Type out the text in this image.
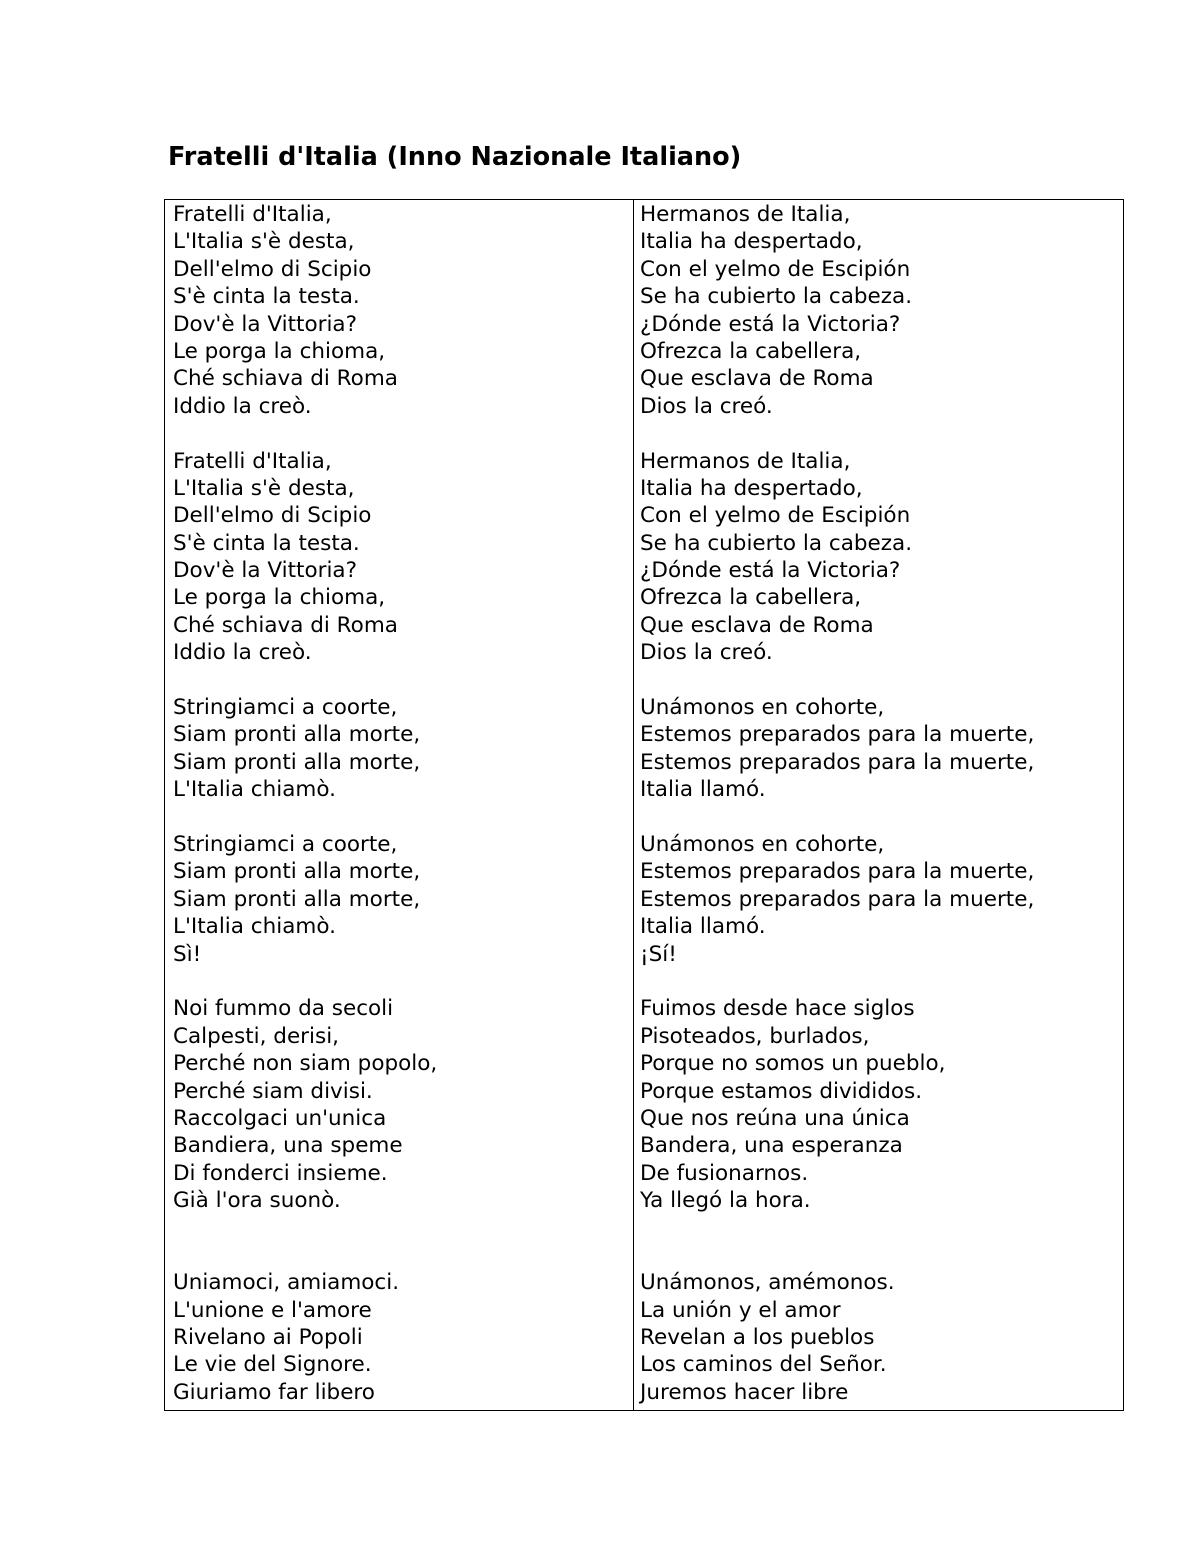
Fratelli d'Italia (Inno Nazionale Italiano)
Fratelli d'Italia,
L'Italia s'è desta,
Dell'elmo di Scipio
S'è cinta la testa.
Dov'è la Vittoria?
Le porga la chioma,
Ché schiava di Roma
Iddio la creò.
Fratelli d'Italia,
L'Italia s'è desta,
Dell'elmo di Scipio
S'è cinta la testa.
Dov'è la Vittoria?
Le porga la chioma,
Ché schiava di Roma
Iddio la creò.
Stringiamci a coorte,
Siam pronti alla morte,
Siam pronti alla morte,
L'Italia chiamò.
Stringiamci a coorte,
Siam pronti alla morte,
Siam pronti alla morte,
L'Italia chiamò.
Sì!
Noi fummo da secoli
Calpesti, derisi,
Perché non siam popolo,
Perché siam divisi.
Raccolgaci un'unica
Bandiera, una speme
Di fonderci insieme.
Già l'ora suonò.
Uniamoci, amiamoci.
L'unione e l'amore
Rivelano ai Popoli
Le vie del Signore.
Giuriamo far libero
Hermanos de Italia,
Italia ha despertado,
Con el yelmo de Escipión
Se ha cubierto la cabeza.
¿Dónde está la Victoria?
Ofrezca la cabellera,
Que esclava de Roma
Dios la creó.
Hermanos de Italia,
Italia ha despertado,
Con el yelmo de Escipión
Se ha cubierto la cabeza.
¿Dónde está la Victoria?
Ofrezca la cabellera,
Que esclava de Roma
Dios la creó.
Unámonos en cohorte,
Estemos preparados para la muerte,
Estemos preparados para la muerte,
Italia llamó.
Unámonos en cohorte,
Estemos preparados para la muerte,
Estemos preparados para la muerte,
Italia llamó.
¡Sí!
Fuimos desde hace siglos
Pisoteados, burlados,
Porque no somos un pueblo,
Porque estamos divididos.
Que nos reúna una única
Bandera, una esperanza
De fusionarnos.
Ya llegó la hora.
Unámonos, amémonos.
La unión y el amor
Revelan a los pueblos
Los caminos del Señor.
Juremos hacer libre
